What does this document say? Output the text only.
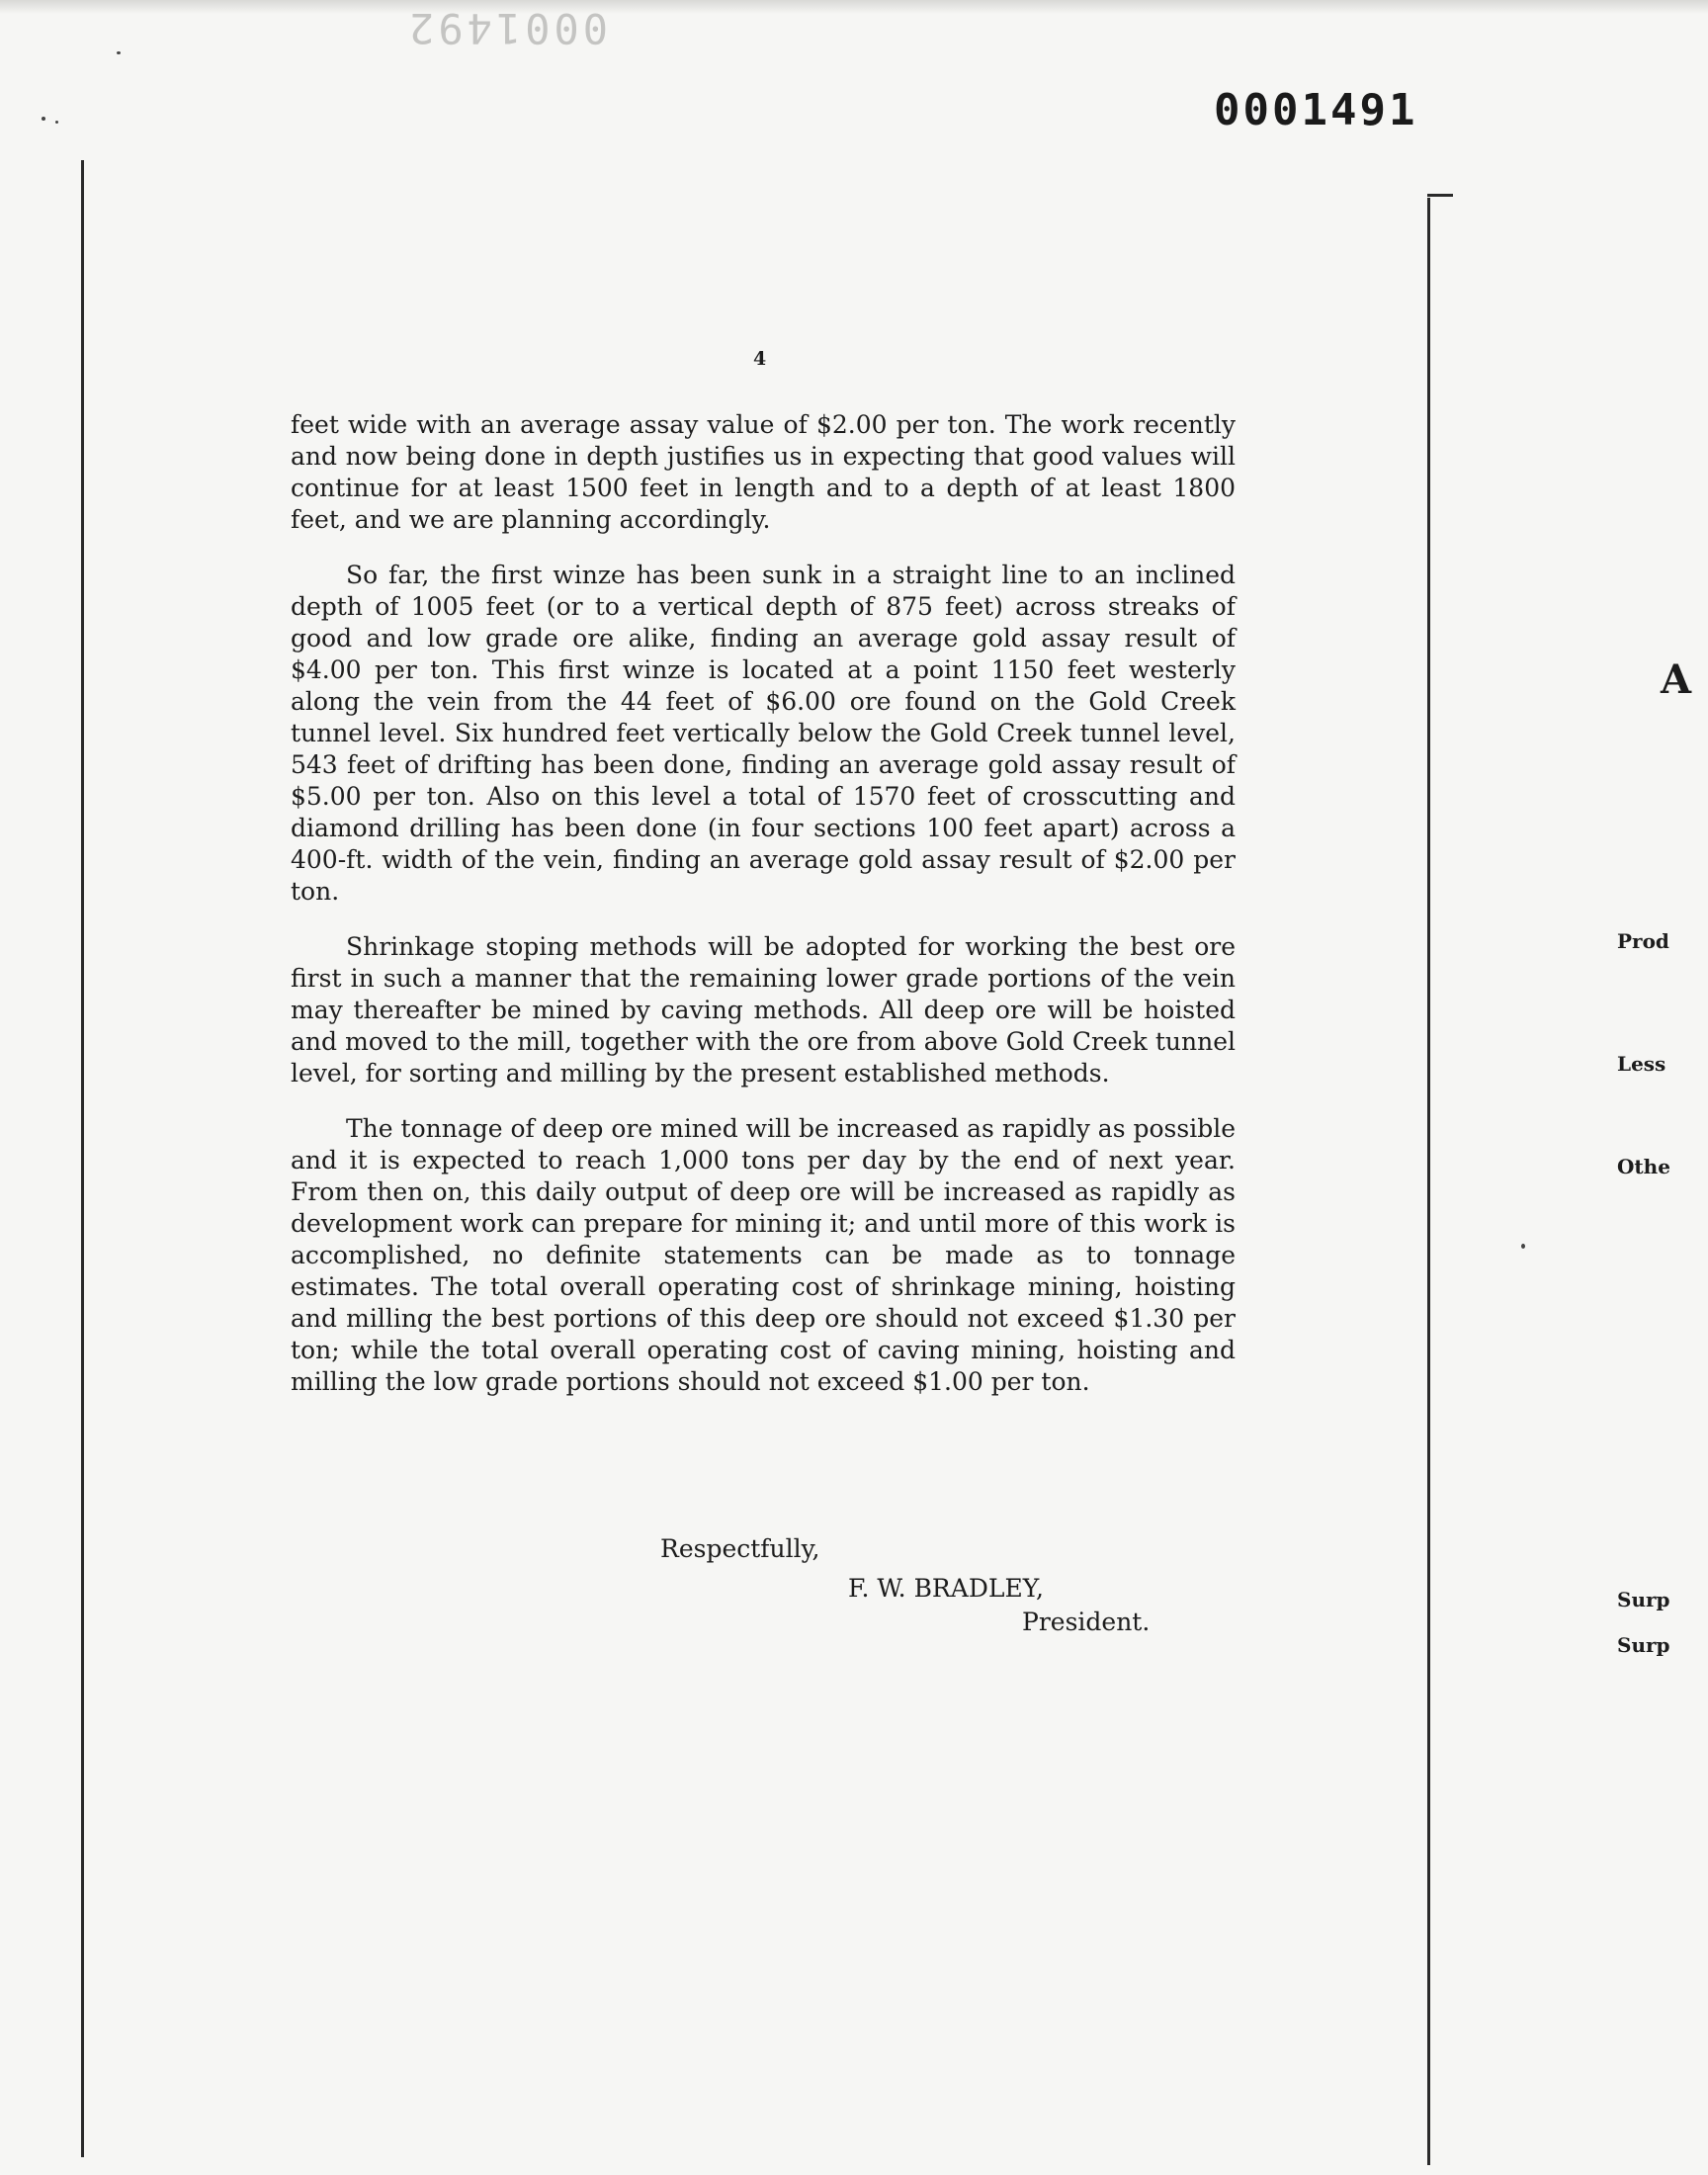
0001492
0001491
4

feet wide with an average assay value of $2.00 per ton. The work recently and now being done in depth justifies us in expecting that good values will continue for at least 1500 feet in length and to a depth of at least 1800 feet, and we are planning accordingly.

So far, the first winze has been sunk in a straight line to an inclined depth of 1005 feet (or to a vertical depth of 875 feet) across streaks of good and low grade ore alike, finding an average gold assay result of $4.00 per ton. This first winze is located at a point 1150 feet westerly along the vein from the 44 feet of $6.00 ore found on the Gold Creek tunnel level. Six hundred feet vertically below the Gold Creek tunnel level, 543 feet of drifting has been done, finding an average gold assay result of $5.00 per ton. Also on this level a total of 1570 feet of crosscutting and diamond drilling has been done (in four sections 100 feet apart) across a 400-ft. width of the vein, finding an average gold assay result of $2.00 per ton.

Shrinkage stoping methods will be adopted for working the best ore first in such a manner that the remaining lower grade portions of the vein may thereafter be mined by caving methods. All deep ore will be hoisted and moved to the mill, together with the ore from above Gold Creek tunnel level, for sorting and milling by the present established methods.

The tonnage of deep ore mined will be increased as rapidly as possible and it is expected to reach 1,000 tons per day by the end of next year. From then on, this daily output of deep ore will be increased as rapidly as development work can prepare for mining it; and until more of this work is accomplished, no definite statements can be made as to tonnage estimates. The total overall operating cost of shrinkage mining, hoisting and milling the best portions of this deep ore should not exceed $1.30 per ton; while the total overall operating cost of caving mining, hoisting and milling the low grade portions should not exceed $1.00 per ton.

Respectfully,
F. W. BRADLEY,
President.
A
Prod
Less
Othe
Surp
Surp
